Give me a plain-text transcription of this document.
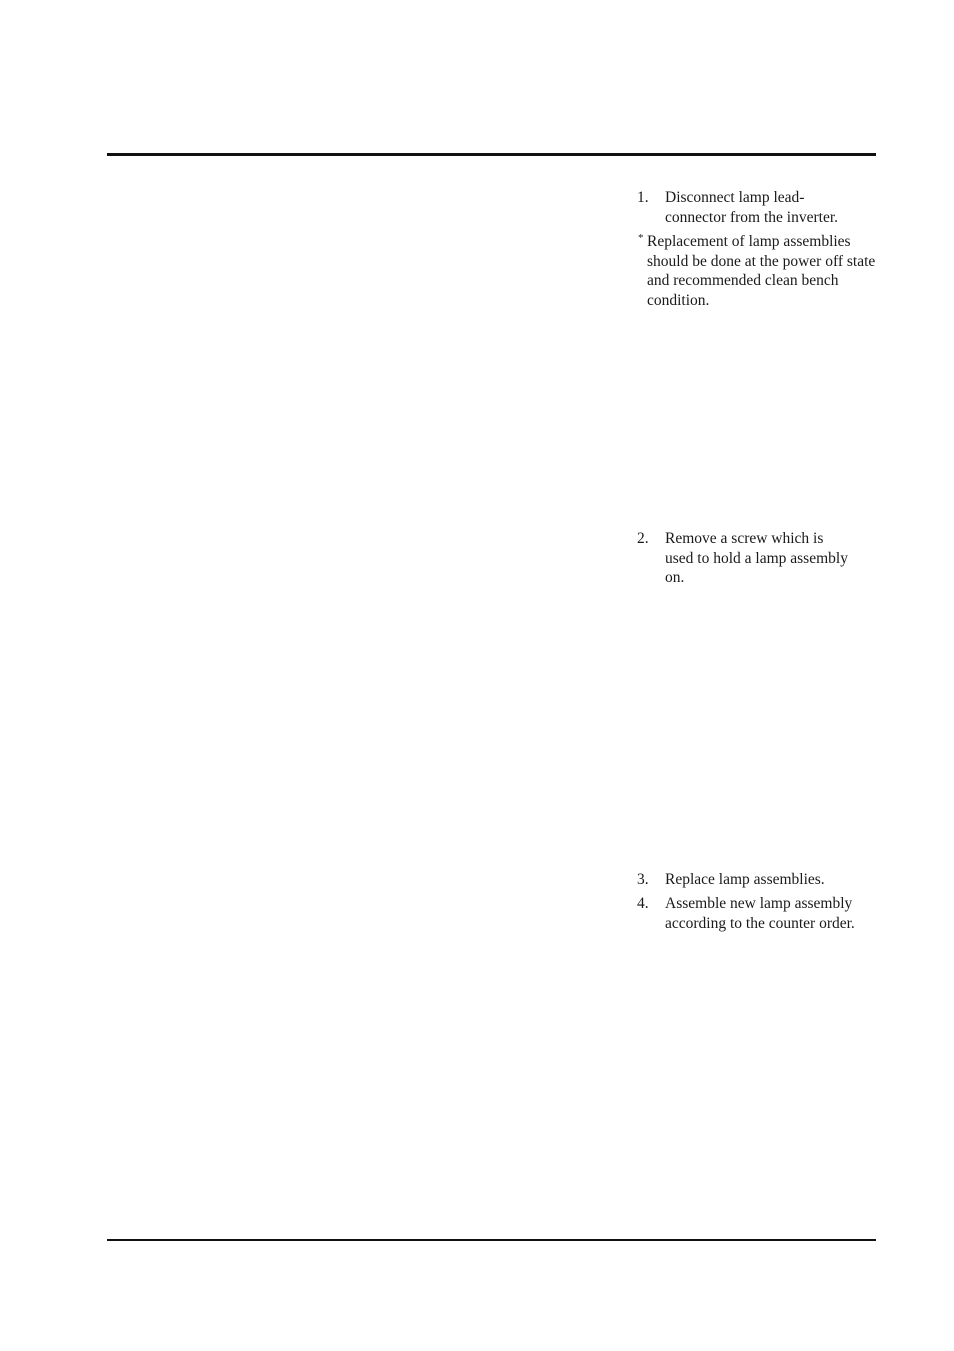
1. Disconnect lamp lead-connector from the inverter.
* Replacement of lamp assemblies should be done at the power off state and recommended clean bench condition.
2. Remove a screw which is used to hold a lamp assembly on.
3. Replace lamp assemblies.
4. Assemble new lamp assembly according to the counter order.
